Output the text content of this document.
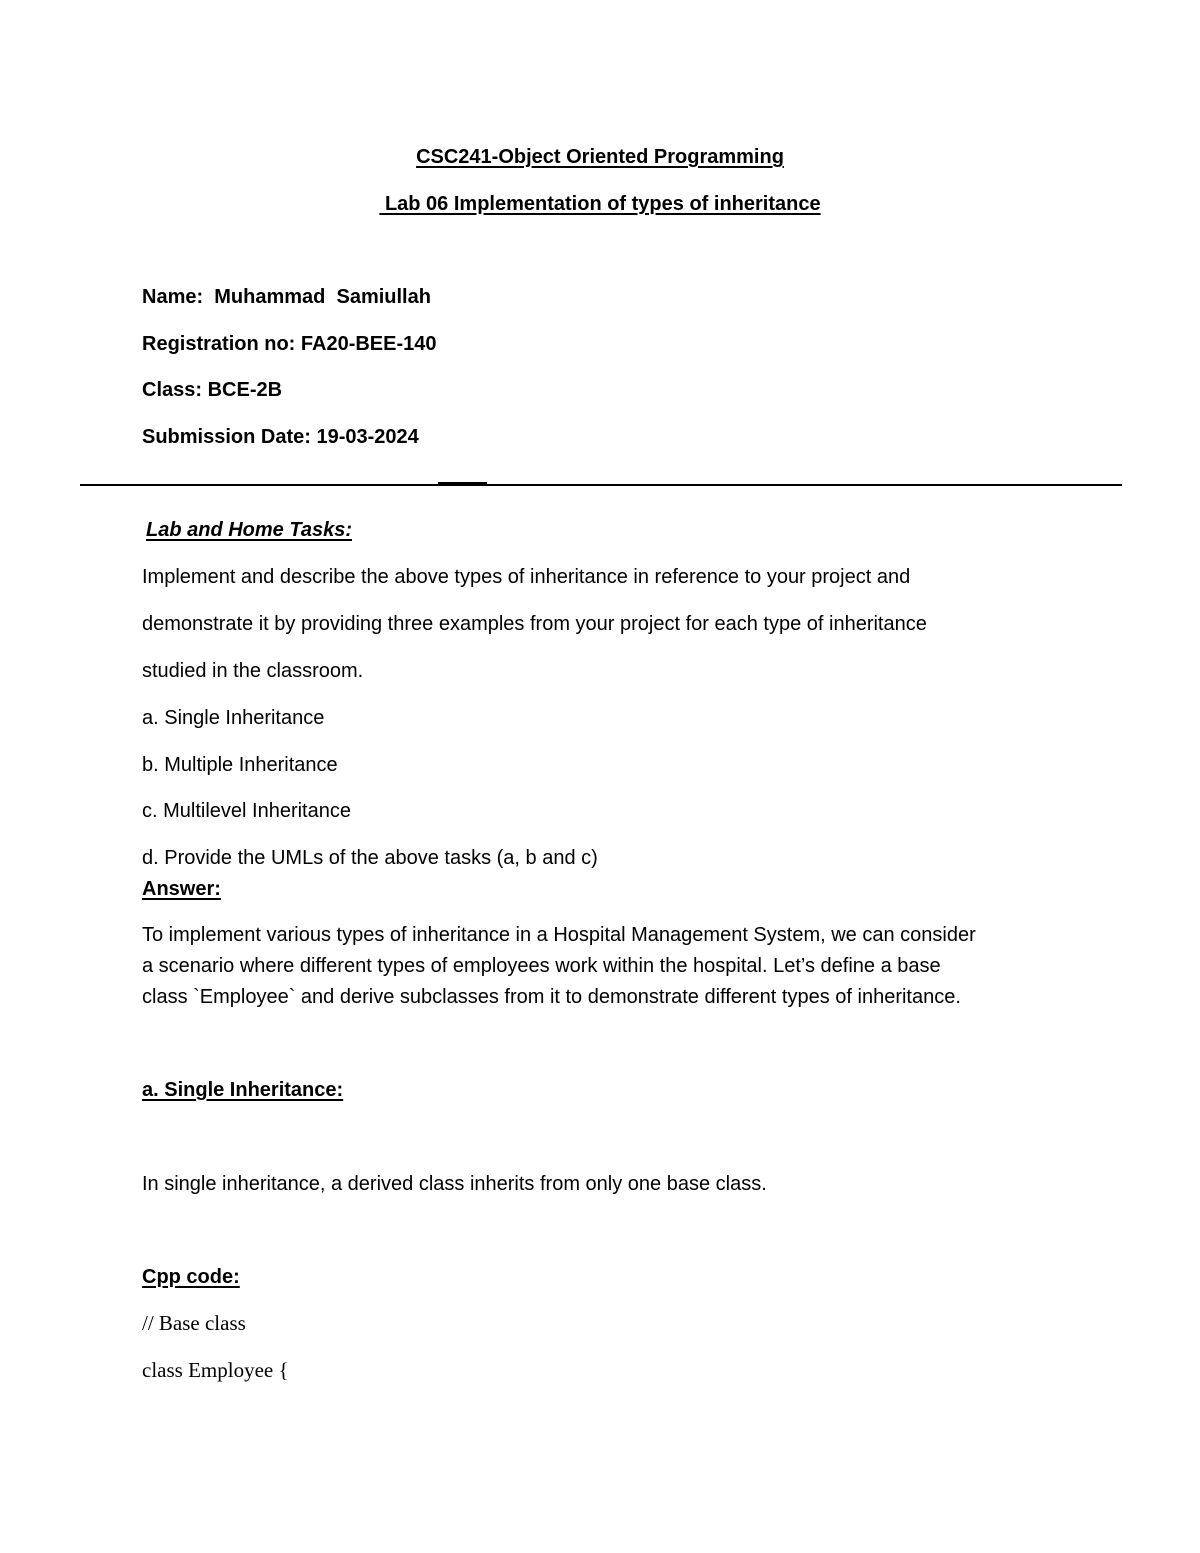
CSC241-Object Oriented Programming
Lab 06 Implementation of types of inheritance
Name:  Muhammad  Samiullah
Registration no: FA20-BEE-140
Class: BCE-2B
Submission Date: 19-03-2024
Lab and Home Tasks:
Implement and describe the above types of inheritance in reference to your project and
demonstrate it by providing three examples from your project for each type of inheritance
studied in the classroom.
a. Single Inheritance
b. Multiple Inheritance
c. Multilevel Inheritance
d. Provide the UMLs of the above tasks (a, b and c)
Answer:
To implement various types of inheritance in a Hospital Management System, we can consider
a scenario where different types of employees work within the hospital. Let’s define a base
class `Employee` and derive subclasses from it to demonstrate different types of inheritance.
a. Single Inheritance:
In single inheritance, a derived class inherits from only one base class.
Cpp code:
// Base class
class Employee {
